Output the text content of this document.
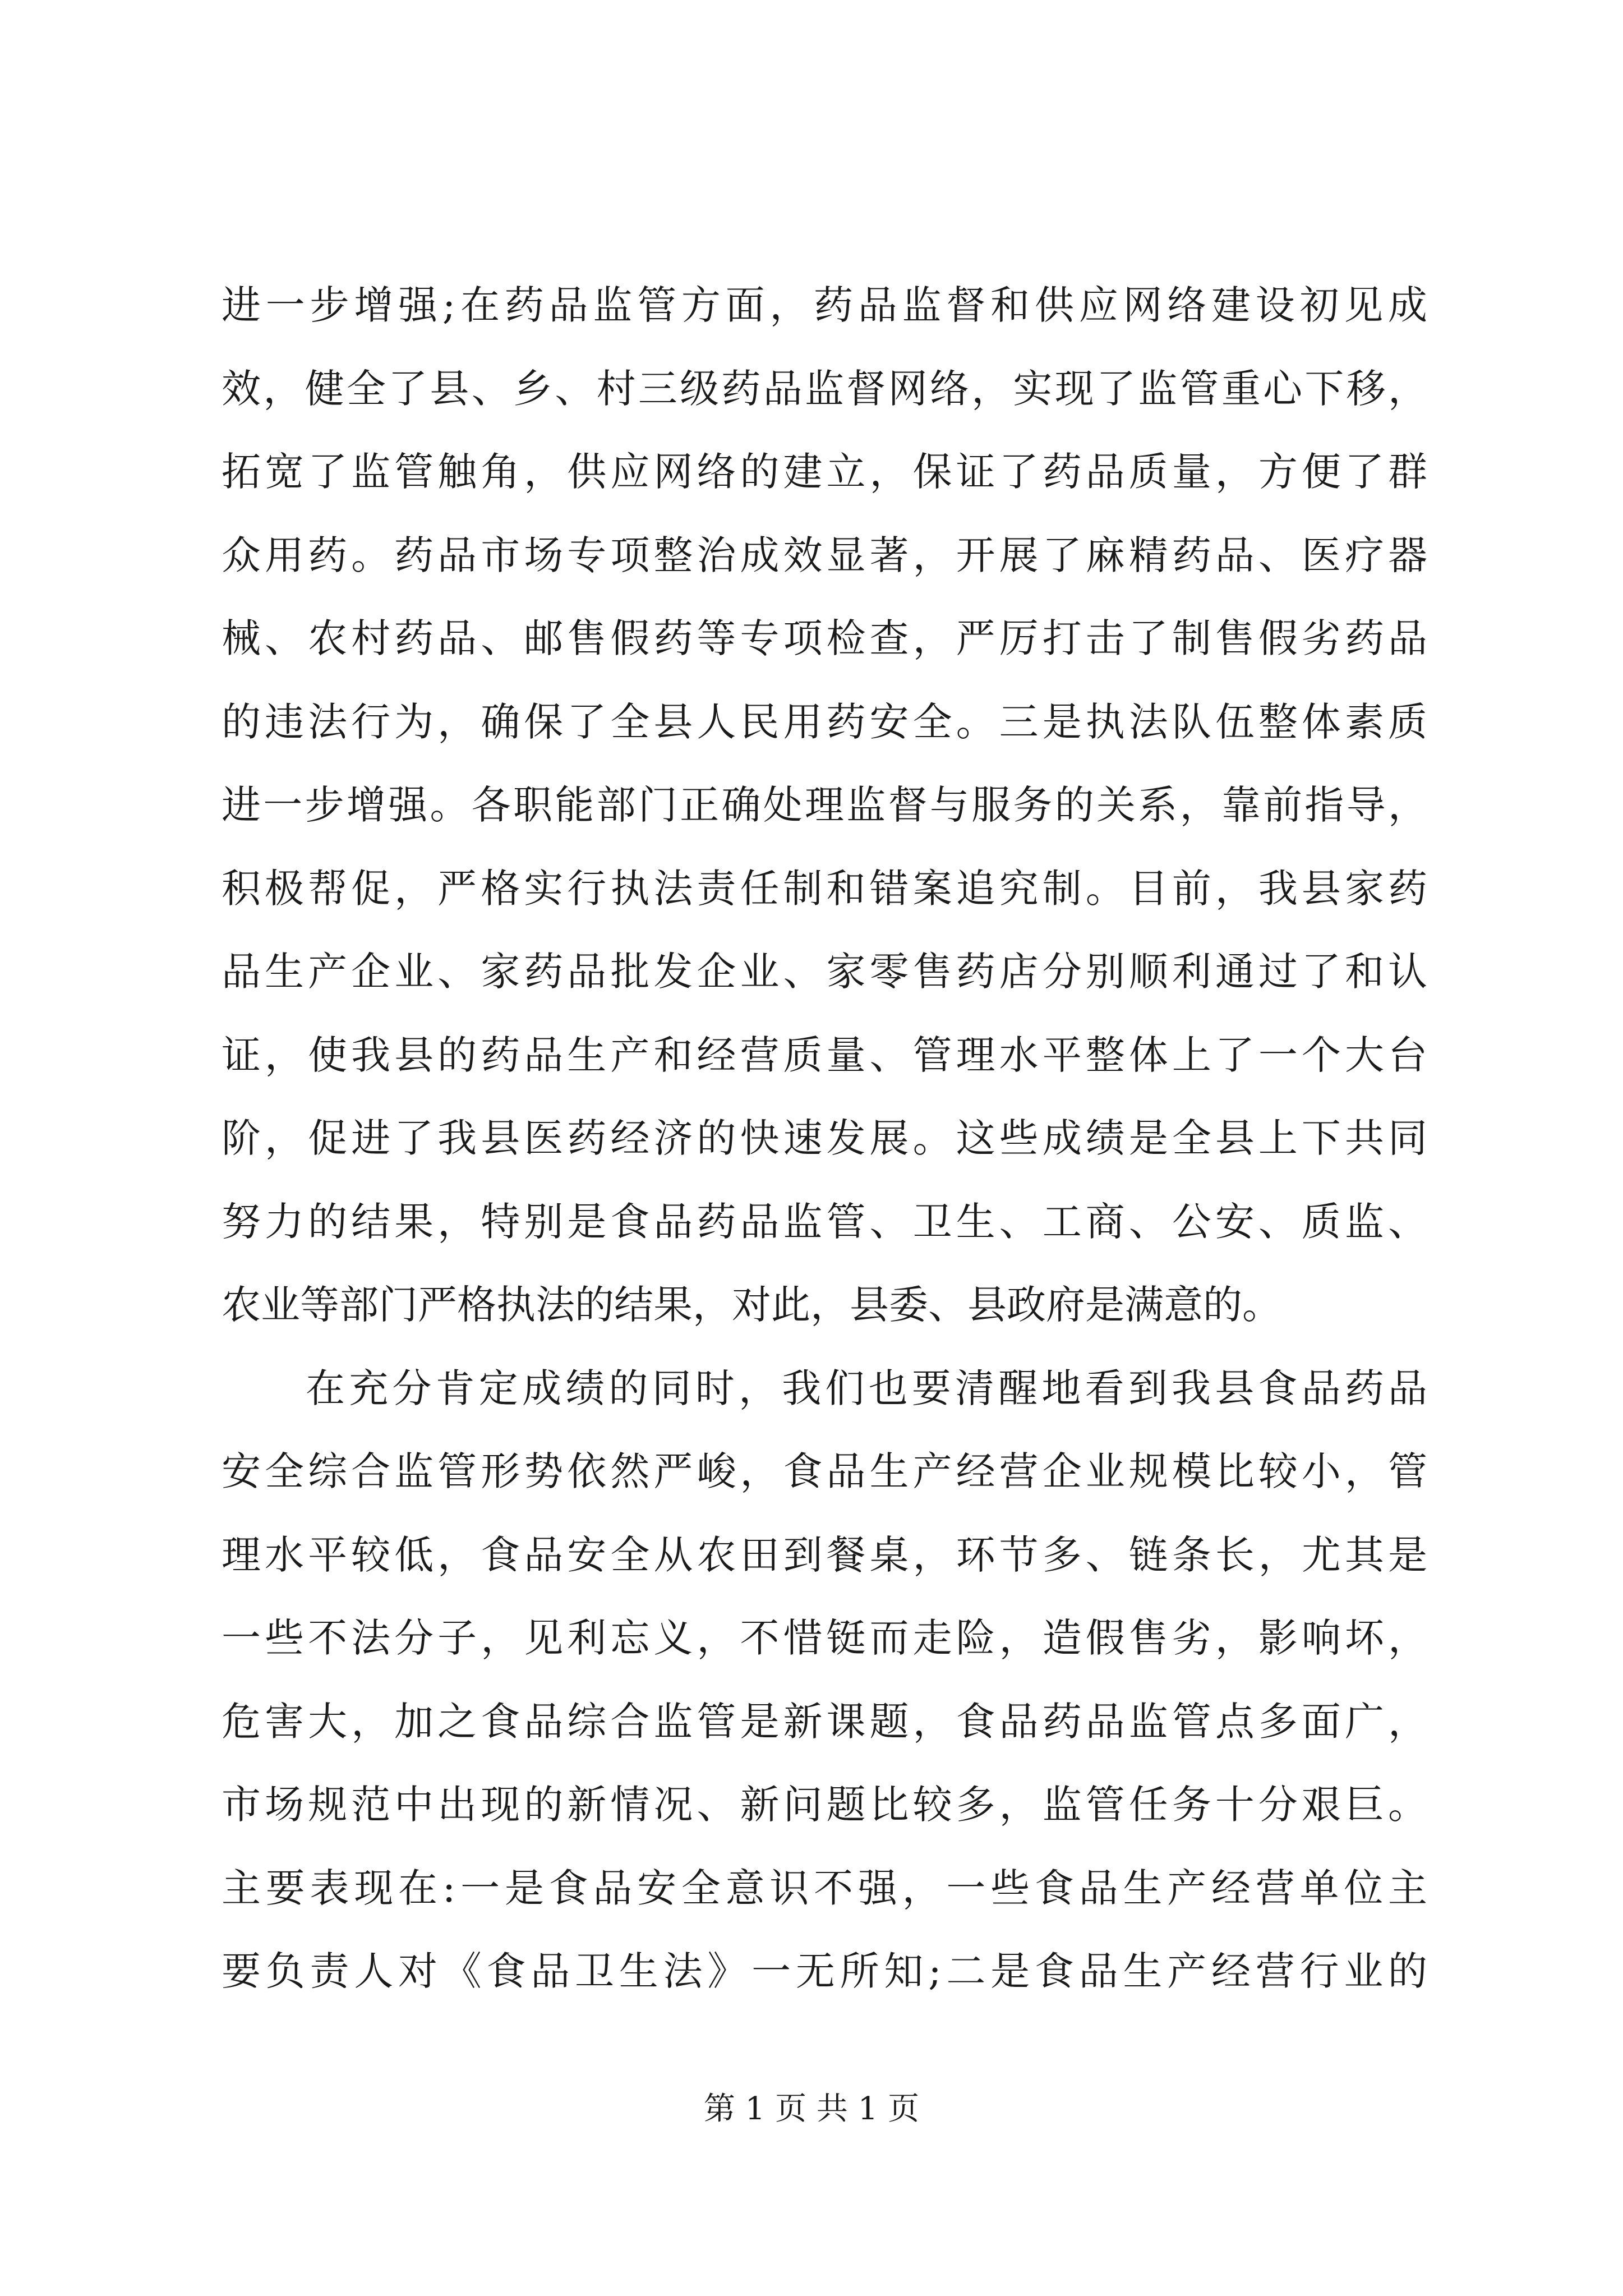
进一步增强;在药品监管方面，药品监督和供应网络建设初见成
效，健全了县、乡、村三级药品监督网络，实现了监管重心下移，
拓宽了监管触角，供应网络的建立，保证了药品质量，方便了群
众用药。药品市场专项整治成效显著，开展了麻精药品、医疗器
械、农村药品、邮售假药等专项检查，严厉打击了制售假劣药品
的违法行为，确保了全县人民用药安全。三是执法队伍整体素质
进一步增强。各职能部门正确处理监督与服务的关系，靠前指导，
积极帮促，严格实行执法责任制和错案追究制。目前，我县家药
品生产企业、家药品批发企业、家零售药店分别顺利通过了和认
证，使我县的药品生产和经营质量、管理水平整体上了一个大台
阶，促进了我县医药经济的快速发展。这些成绩是全县上下共同
努力的结果，特别是食品药品监管、卫生、工商、公安、质监、
农业等部门严格执法的结果，对此，县委、县政府是满意的。
在充分肯定成绩的同时，我们也要清醒地看到我县食品药品
安全综合监管形势依然严峻，食品生产经营企业规模比较小，管
理水平较低，食品安全从农田到餐桌，环节多、链条长，尤其是
一些不法分子，见利忘义，不惜铤而走险，造假售劣，影响坏，
危害大，加之食品综合监管是新课题，食品药品监管点多面广，
市场规范中出现的新情况、新问题比较多，监管任务十分艰巨。
主要表现在:一是食品安全意识不强，一些食品生产经营单位主
要负责人对《食品卫生法》一无所知;二是食品生产经营行业的
第 1 页 共 1 页
